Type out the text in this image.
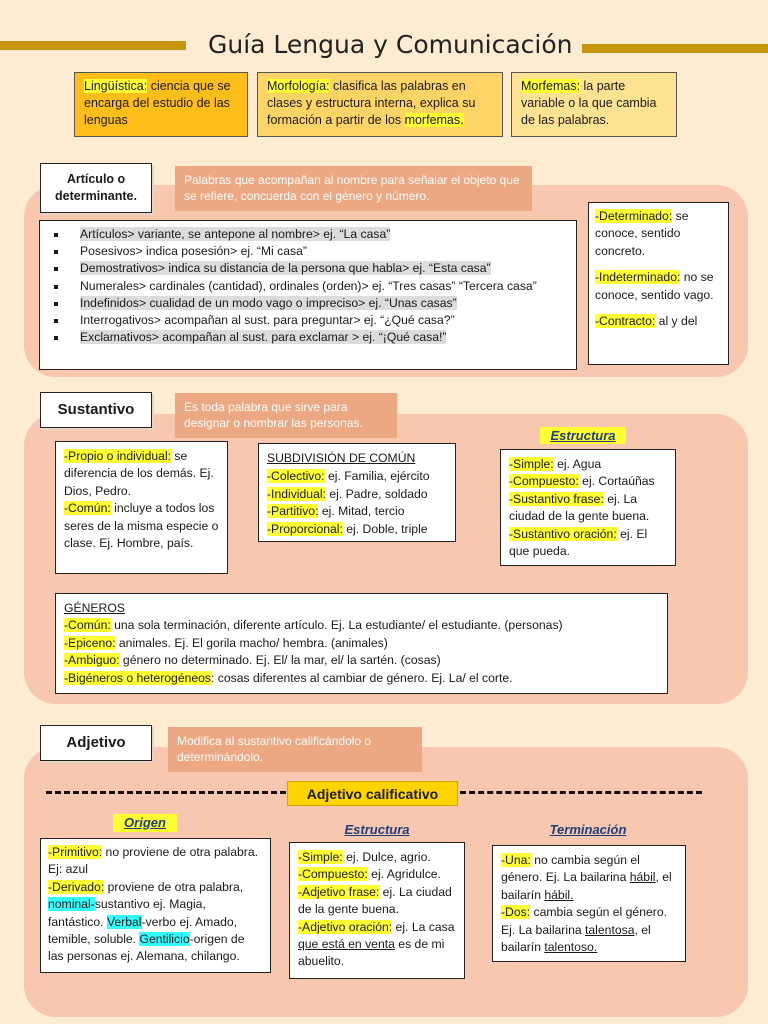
Guía Lengua y Comunicación
Lingüística: ciencia que se encarga del estudio de las lenguas
Morfología: clasifica las palabras en clases y estructura interna, explica su formación a partir de los morfemas.
Morfemas: la parte variable o la que cambia de las palabras.
Artículo o determinante.
Palabras que acompañan al nombre para señalar el objeto que se refiere, concuerda con el género y número.
▪ Artículos> variante, se antepone al nombre> ej. “La casa”
▪ Posesivos> indica posesión> ej. “Mi casa”
▪ Demostrativos> indica su distancia de la persona que habla> ej. “Esta casa”
▪ Numerales> cardinales (cantidad), ordinales (orden)> ej. “Tres casas” “Tercera casa”
▪ Indefinidos> cualidad de un modo vago o impreciso> ej. “Unas casas”
▪ Interrogativos> acompañan al sust. para preguntar> ej. “¿Qué casa?”
▪ Exclamativos> acompañan al sust. para exclamar > ej. “¡Qué casa!”

-Determinado: se conoce, sentido concreto.

-Indeterminado: no se conoce, sentido vago.

-Contracto: al y del

Sustantivo	Es toda palabra que sirve para designar o nombrar las personas.

-Propio o individual: se diferencia de los demás. Ej. Dios, Pedro.

-Común: incluye a todos los seres de la misma especie o clase. Ej. Hombre, país.

SUBDIVISIÓN DE COMÚN

-Colectivo: ej. Familia, ejército

-Individual: ej. Padre, soldado

-Partitivo: ej. Mitad, tercio

-Proporcional: ej. Doble, triple

Estructura

-Simple: ej. Agua

-Compuesto: ej. Cortaúñas

-Sustantivo frase: ej. La ciudad de la gente buena.

-Sustantivo oración: ej. El que pueda.

GÉNEROS

-Común: una sola terminación, diferente artículo. Ej. La estudiante/ el estudiante. (personas)

-Epiceno: animales. Ej. El gorila macho/ hembra. (animales)

-Ambiguo: género no determinado. Ej. El/ la mar, el/ la sartén. (cosas)

-Bigéneros o heterogéneos: cosas diferentes al cambiar de género. Ej. La/ el corte.

Adjetivo	Modifica al sustantivo calificándolo o determinándolo.
Adjetivo calificativo
Origen

-Primitivo: no proviene de otra palabra. Ej: azul

-Derivado: proviene de otra palabra, nominal-sustantivo ej. Magia, fantástico. Verbal-verbo ej. Amado, temible, soluble. Gentilicio-origen de las personas ej. Alemana, chilango.

Estructura

-Simple: ej. Dulce, agrio.

-Compuesto: ej. Agridulce.

-Adjetivo frase: ej. La ciudad de la gente buena.

-Adjetivo oración: ej. La casa que está en venta es de mi abuelito.

Terminación

-Una: no cambia según el género. Ej. La bailarina hábil, el bailarín hábil.

-Dos: cambia según el género. Ej. La bailarina talentosa, el bailarín talentoso.
